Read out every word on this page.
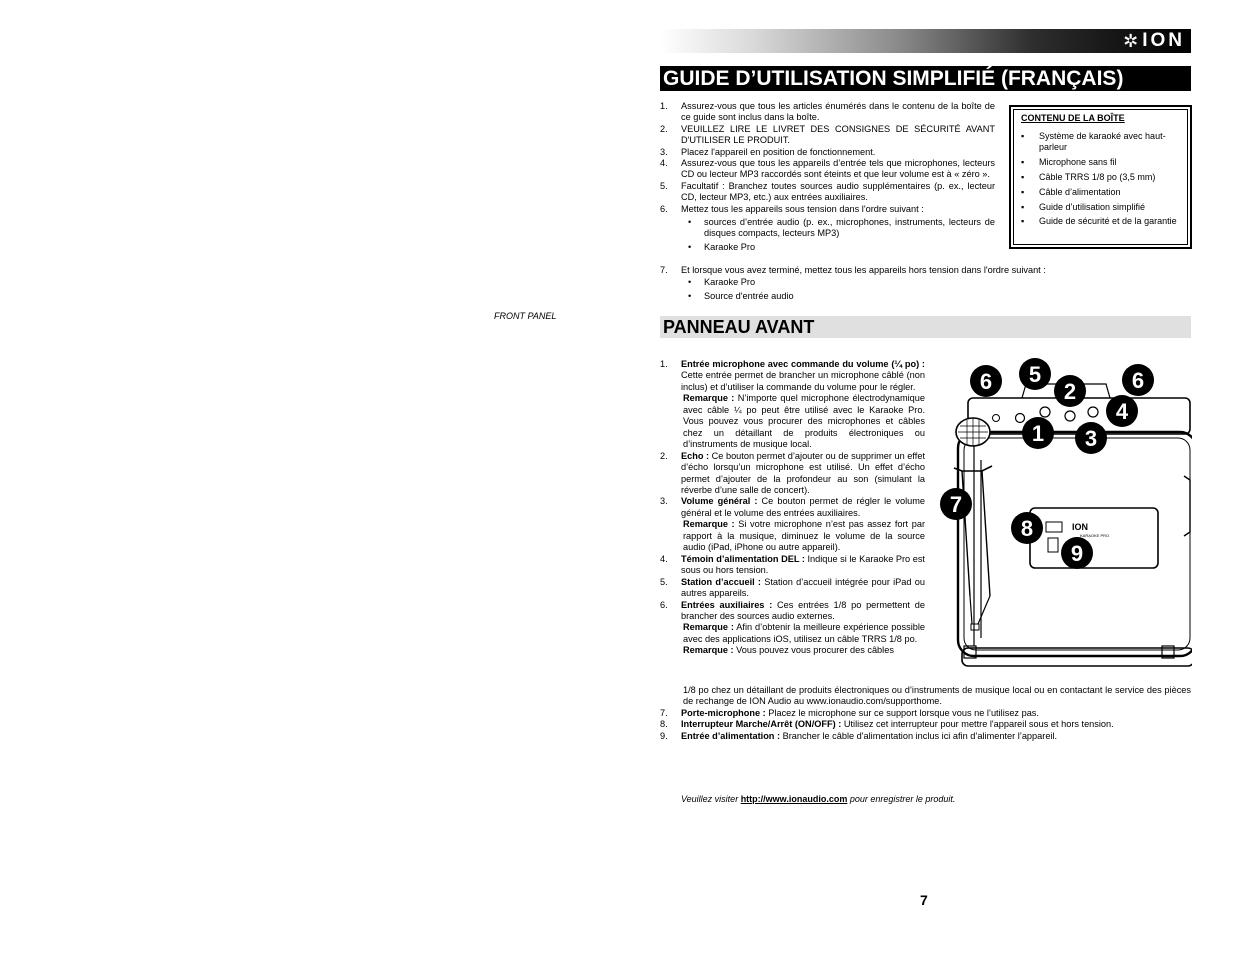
✲ ION
GUIDE D’UTILISATION SIMPLIFIÉ (FRANÇAIS)
FRONT PANEL
1.	Assurez-vous que tous les articles énumérés dans le contenu de la boîte de ce guide sont inclus dans la boîte.
2.	VEUILLEZ LIRE LE LIVRET DES CONSIGNES DE SÉCURITÉ AVANT D'UTILISER LE PRODUIT.
3.	Placez l'appareil en position de fonctionnement.
4.	Assurez-vous que tous les appareils d’entrée tels que microphones, lecteurs CD ou lecteur MP3 raccordés sont éteints et que leur volume est à « zéro ».
5.	Facultatif : Branchez toutes sources audio supplémentaires (p. ex., lecteur CD, lecteur MP3, etc.) aux entrées auxiliaires.
6.	Mettez tous les appareils sous tension dans l'ordre suivant :
•	sources d’entrée audio (p. ex., microphones, instruments, lecteurs de disques compacts, lecteurs MP3)
•	Karaoke Pro
7.	Et lorsque vous avez terminé, mettez tous les appareils hors tension dans l'ordre suivant :
•	Karaoke Pro
•	Source d'entrée audio
CONTENU DE LA BOÎTE
▪	Système de karaoké avec haut-parleur
▪	Microphone sans fil
▪	Câble TRRS 1/8 po (3,5 mm)
▪	Câble d’alimentation
▪	Guide d’utilisation simplifié
▪	Guide de sécurité et de la garantie
PANNEAU AVANT
1.	Entrée microphone avec commande du volume (¼ po) : Cette entrée permet de brancher un microphone câblé (non inclus) et d’utiliser la commande du volume pour le régler.
Remarque : N’importe quel microphone électrodynamique avec câble ¼ po peut être utilisé avec le Karaoke Pro. Vous pouvez vous procurer des microphones et câbles chez un détaillant de produits électroniques ou d’instruments de musique local.
2.	Echo : Ce bouton permet d’ajouter ou de supprimer un effet d’écho lorsqu’un microphone est utilisé. Un effet d’écho permet d’ajouter de la profondeur au son (simulant la réverbe d’une salle de concert).
3.	Volume général : Ce bouton permet de régler le volume général et le volume des entrées auxiliaires.
Remarque : Si votre microphone n’est pas assez fort par rapport à la musique, diminuez le volume de la source audio (iPad, iPhone ou autre appareil).
4.	Témoin d’alimentation DEL : Indique si le Karaoke Pro est sous ou hors tension.
5.	Station d’accueil : Station d’accueil intégrée pour iPad ou autres appareils.
6.	Entrées auxiliaires : Ces entrées 1/8 po permettent de brancher des sources audio externes.
Remarque : Afin d’obtenir la meilleure expérience possible avec des applications iOS, utilisez un câble TRRS 1/8 po.
Remarque : Vous pouvez vous procurer des câbles
1/8 po chez un détaillant de produits électroniques ou d’instruments de musique local ou en contactant le service des pièces de rechange de ION Audio au www.ionaudio.com/supporthome.
7.	Porte-microphone : Placez le microphone sur ce support lorsque vous ne l’utilisez pas.
8.	Interrupteur Marche/Arrêt (ON/OFF) : Utilisez cet interrupteur pour mettre l'appareil sous et hors tension.
9.	Entrée d’alimentation : Brancher le câble d'alimentation inclus ici afin d’alimenter l’appareil.
ION
KARAOKE PRO
6 5
2	6
4
1 3
7
8
9
Veuillez visiter http://www.ionaudio.com pour enregistrer le produit.
7
